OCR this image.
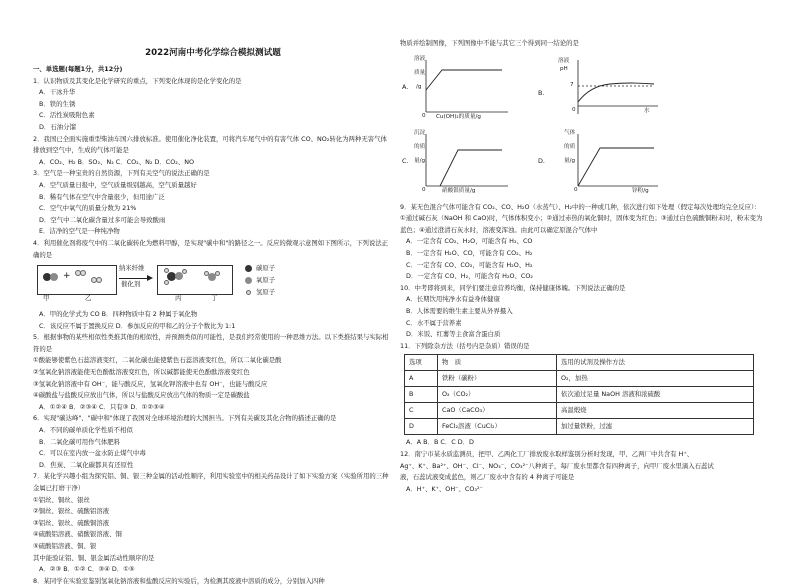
2022河南中考化学综合模拟测试题
一、单选题(每题1分，共12分)
1．认识物质及其变化是化学研究的重点，下列变化体现的是化学变化的是
A．干冰升华
B．铁的生锈
C．活性炭吸附色素
D．石油分馏
2．我国已全面实施重型柴油车国六排放标准。使用催化净化装置，可将汽车尾气中的有害气体 CO、NO₂转化为两种无害气体排放到空气中，生成的气体可能是
A．CO₂、H₂ B．SO₂、N₂ C．CO₂、N₂ D．CO₂、NO
3．空气是一种宝贵的自然资源，下列有关空气的说法正确的是
A．空气质量日报中，空气质量级别越高，空气质量越好
B．稀有气体在空气中含量很少，但用途广泛
C．空气中氧气的质量分数为 21%
D．空气中二氧化碳含量过多可能会导致酸雨
E．洁净的空气是一种纯净物
4．利用催化剂将废气中的二氧化碳转化为燃料甲醇，是实现"碳中和"的路径之一。反应的微观示意图如下图所示，下列说法正确的是
+
甲	乙
纳米纤维
催化剂
丙	丁
碳原子
氧原子
氢原子
A．甲的化学式为 CO B．四种物质中有 2 种属于氧化物
C．该反应不属于置换反应 D．参加反应的甲和乙的分子个数比为 1:1
5．根据事物的某些相似性类推其他的相似性，并预测类似的可能性，是我们经常使用的一种思维方法。以下类推结果与实际相符的是
①酸能够使紫色石蕊溶液变红，二氧化碳也能使紫色石蕊溶液变红色，所以二氧化碳是酸
②氢氧化钠溶液能使无色酚酞溶液变红色，所以碱都能使无色酚酞溶液变红色
③氢氧化钠溶液中有 OH⁻，能与酸反应，氢氧化钾溶液中也有 OH⁻，也能与酸反应
④碳酸盐与盐酸反应放出气体，所以与盐酸反应放出气体的物质一定是碳酸盐
A．①②④ B．②③④ C．只有③ D．①②③④
6．实现"碳达峰"、"碳中和"体现了我国对全球环境治理的大国担当。下列有关碳及其化合物的描述正确的是
A．不同的碳单质化学性质不相似
B．二氧化碳可用作气体肥料
C．可以在室内放一盆水防止煤气中毒
D．焦炭、二氧化碳都具有还原性
7．某化学兴趣小组为探究铝、铜、银三种金属的活动性顺序，利用实验室中的相关药品设计了如下实验方案（实验所用的三种金属已打磨干净）
①铝丝、铜丝、银丝
②铜丝、银丝、硫酸铝溶液
③铝丝、银丝、硫酸铜溶液
④硫酸铝溶液、硝酸银溶液、铜
⑤硫酸铝溶液、铜、银
其中能验证铝、铜、银金属活动性顺序的是
A．②③ B．①② C．③④ D．①⑤
8．某同学在实验室鉴别氢氧化钠溶液和盐酸反应的实验后，为检测其废液中溶质的成分，分别加入四种
物质并绘制图像，下列图像中不能与其它三个得到同一结论的是
溶液
质量
/g
0 Cu(OH)₂的质量/g
A.
溶液
pH
7
0	水
B.
沉淀
的质
量/g
0	硝酸银质量/g
C.
气体
的质
量/g
0	锌粉/g
D.
9．某无色混合气体可能含有 CO₂、CO、H₂O（水蒸气）、H₂中的一种或几种，依次进行如下处理（假定每次处理均完全反应）：①通过碱石灰（NaOH 和 CaO)时，气体体积变小；②通过赤热的氧化铜时，固体变为红色；③通过白色硫酸铜粉末时，粉末变为蓝色；④通过澄清石灰水时，溶液变浑浊。由此可以确定原混合气体中
A．一定含有 CO₂、H₂O，可能含有 H₂、CO
B．一定含有 H₂O、CO，可能含有 CO₂、H₂
C．一定含有 CO、CO₂，可能含有 H₂O、H₂
D．一定含有 CO、H₂，可能含有 H₂O、CO₂
10．中考即将到来，同学们要注意营养均衡，保持健康体魄。下列说法正确的是
A．长期饮用纯净水有益身体健康
B．人体需要的维生素主要从外界摄入
C．水不属于营养素
D．米饭、红薯等主食富含蛋白质
11．下列除杂方法（括号内是杂质）错误的是
选项	物　质	选用的试剂及操作方法
A	铁粉（碳粉）	O₂，加热
B	O₂（CO₂）	依次通过足量 NaOH 溶液和浓硫酸
C	CaO（CaCO₃）	高温煅烧
D	FeCl₂溶液（CuCl₂）	加过量铁粉，过滤
A．A B．B C．C D．D
12．南宁市某水质监测员，把甲、乙两化工厂排放废水取样鉴别分析时发现，甲、乙两厂中共含有 H⁺、
Ag⁺、K⁺、Ba²⁺、OH⁻、Cl⁻、NO₃⁻、CO₃²⁻八种离子，每厂废水里都含有四种离子，向甲厂废水里滴入石蕊试
液，石蕊试液变成蓝色，则乙厂废水中含有的 4 种离子可能是
A．H⁺、K⁺、OH⁻、CO₃²⁻
